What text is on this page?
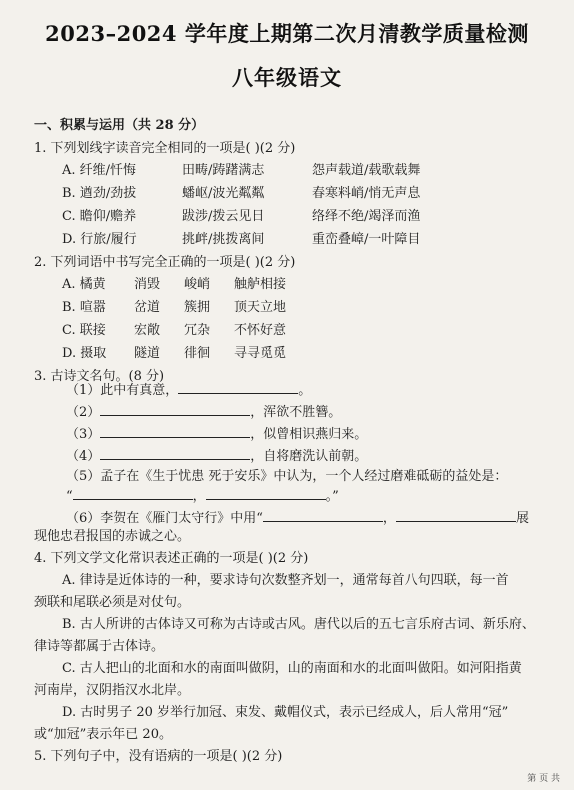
2023–2024 学年度上期第二次月清教学质量检测
八年级语文
一、积累与运用（共 28 分）
1. 下列划线字读音完全相同的一项是( )(2 分)
A. 纤维/忏悔	田畴/踌躇满志	怨声载道/载歌载舞
B. 遒劲/劲拔	蟠岖/波光粼粼	春寒料峭/悄无声息
C. 瞻仰/赡养	跋涉/拨云见日	络绎不绝/竭泽而渔
D. 行旅/履行	挑衅/挑拨离间	重峦叠嶂/一叶障目
2. 下列词语中书写完全正确的一项是( )(2 分)
A. 橘黄 消毁 峻峭 触舻相接
B. 喧嚣 岔道 簇拥 顶天立地
C. 联接 宏敞 冗杂 不怀好意
D. 摄取 隧道 徘徊 寻寻觅觅
3. 古诗文名句。(8 分)
（1）此中有真意，	。
（2）	，浑欲不胜簪。
（3）	，似曾相识燕归来。
（4）	，自将磨洗认前朝。
（5）孟子在《生于忧患 死于安乐》中认为，一个人经过磨难砥砺的益处是：
“	，	。”
（6）李贺在《雁门太守行》中用“	，	展
现他忠君报国的赤诚之心。
4. 下列文学文化常识表述正确的一项是( )(2 分)
A. 律诗是近体诗的一种，要求诗句次数整齐划一，通常每首八句四联，每一首
颈联和尾联必须是对仗句。
B. 古人所讲的古体诗又可称为古诗或古风。唐代以后的五七言乐府古词、新乐府、
律诗等都属于古体诗。
C. 古人把山的北面和水的南面叫做阴，山的南面和水的北面叫做阳。如河阳指黄
河南岸，汉阴指汉水北岸。
D. 古时男子 20 岁举行加冠、束发、戴帽仪式，表示已经成人，后人常用“冠”
或“加冠”表示年已 20。
5. 下列句子中，没有语病的一项是( )(2 分)
第 页 共
